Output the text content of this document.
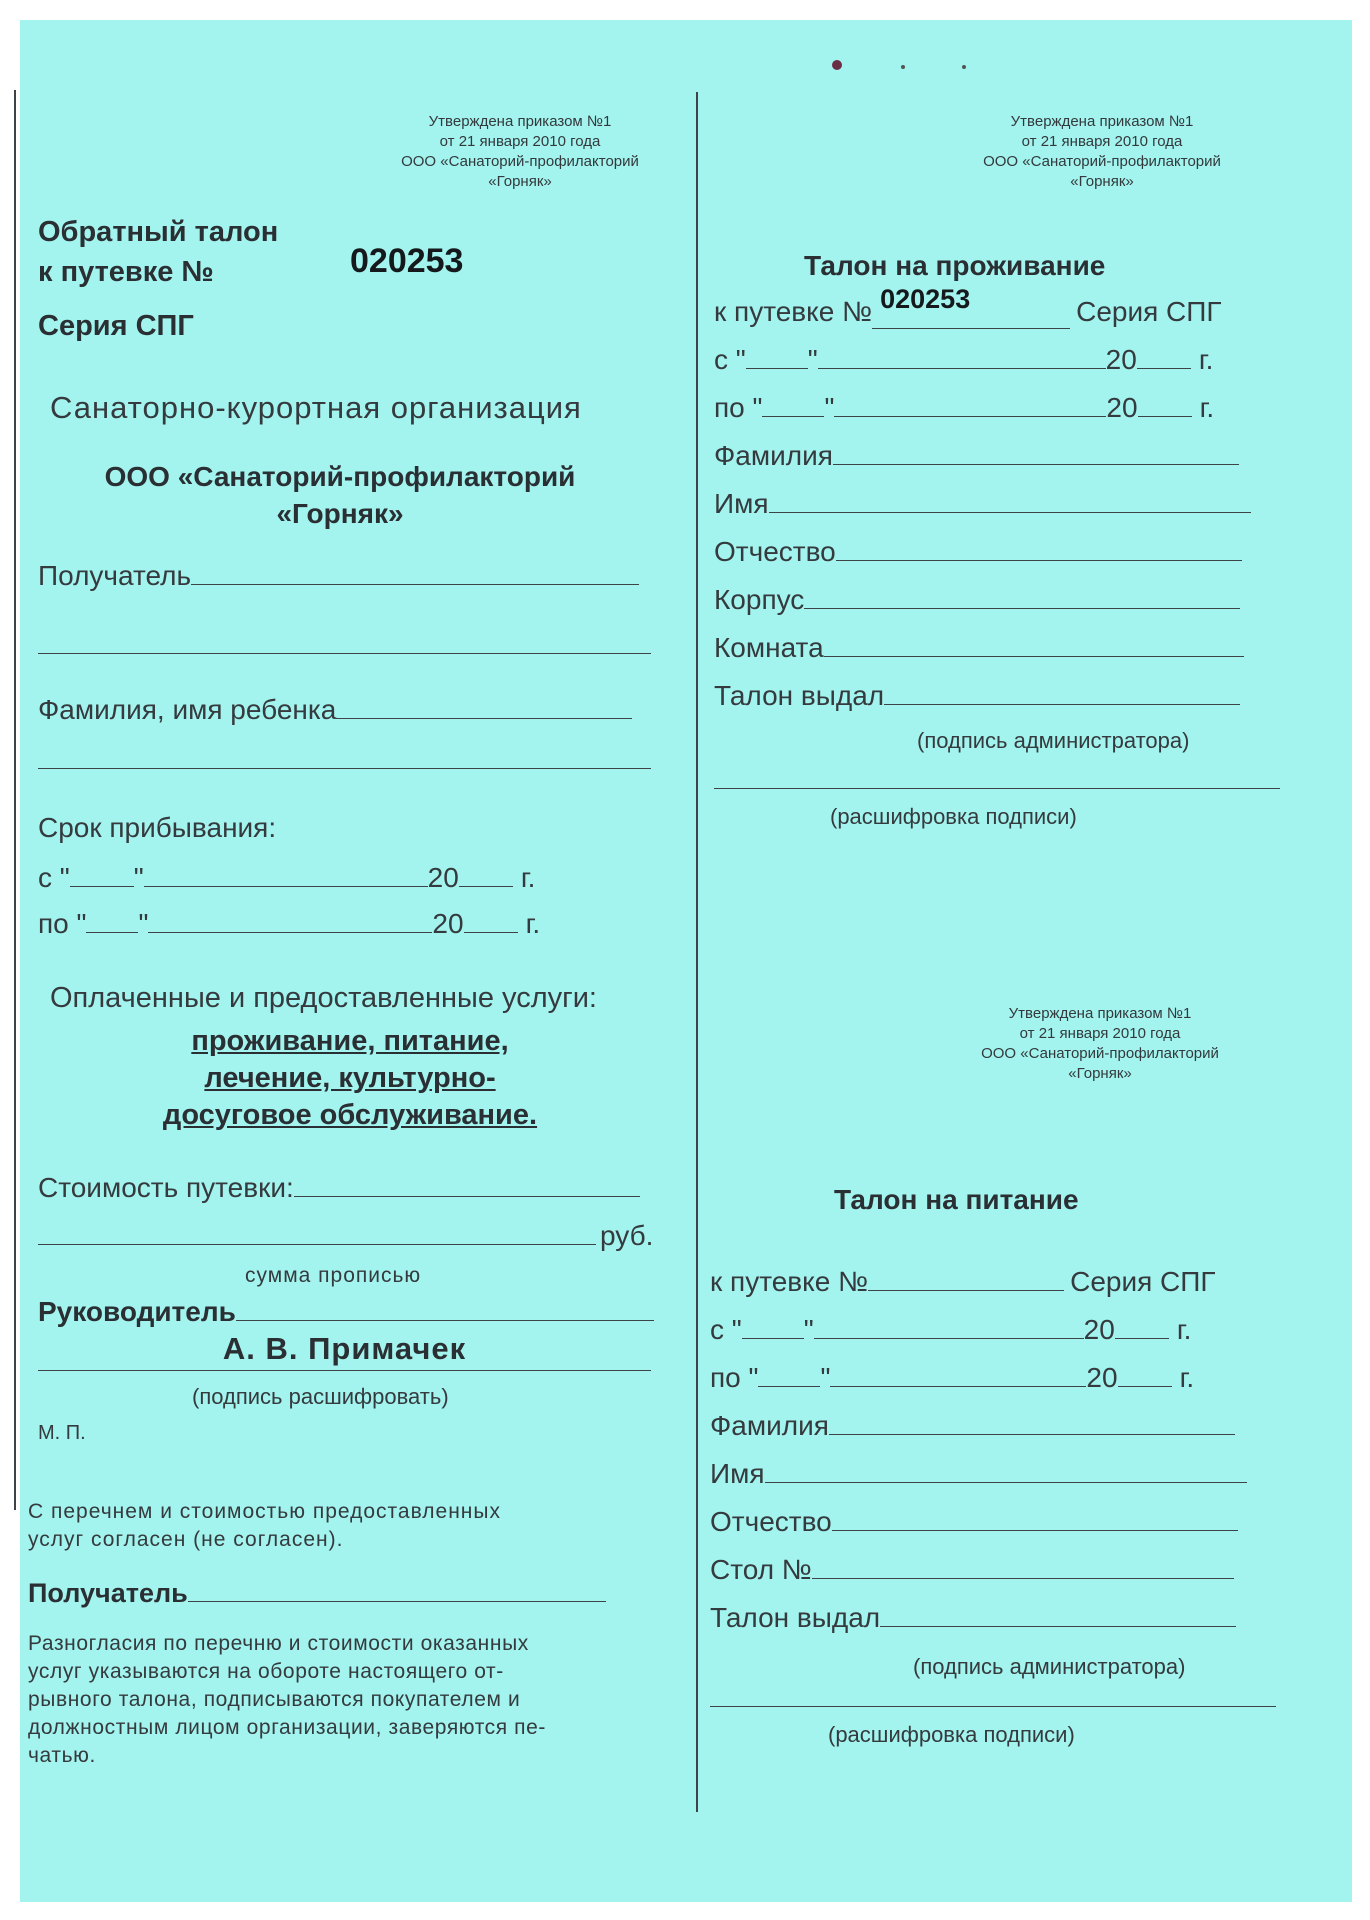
Утверждена приказом №1
от 21 января 2010 года
ООО «Санаторий-профилакторий
«Горняк»
Обратный талон
к путевке №	020253
Серия СПГ
Санаторно-курортная организация
ООО «Санаторий-профилакторий
«Горняк»
Получатель
Фамилия, имя ребенка
Срок прибывания:
с " "	20 г.
по " "	20 г.
Оплаченные и предоставленные услуги:
проживание, питание,
лечение, культурно-
досуговое обслуживание.
Стоимость путевки:
руб.
сумма прописью
Руководитель
А. В. Примачек
(подпись расшифровать)
М. П.
С перечнем и стоимостью предоставленных
услуг согласен (не согласен).
Получатель
Разногласия по перечню и стоимости оказанных
услуг указываются на обороте настоящего от-
рывного талона, подписываются покупателем и
должностным лицом организации, заверяются пе-
чатью.
Утверждена приказом №1
от 21 января 2010 года
ООО «Санаторий-профилакторий
«Горняк»
Талон на проживание
к путевке № 020253	Серия СПГ
с " "	20 г.
по " "	20 г.
Фамилия
Имя
Отчество
Корпус
Комната
Талон выдал
(подпись администратора)
(расшифровка подписи)
Утверждена приказом №1
от 21 января 2010 года
ООО «Санаторий-профилакторий
«Горняк»
Талон на питание
к путевке №	Серия СПГ
с " "	20 г.
по " "	20 г.
Фамилия
Имя
Отчество
Стол №
Талон выдал
(подпись администратора)
(расшифровка подписи)
